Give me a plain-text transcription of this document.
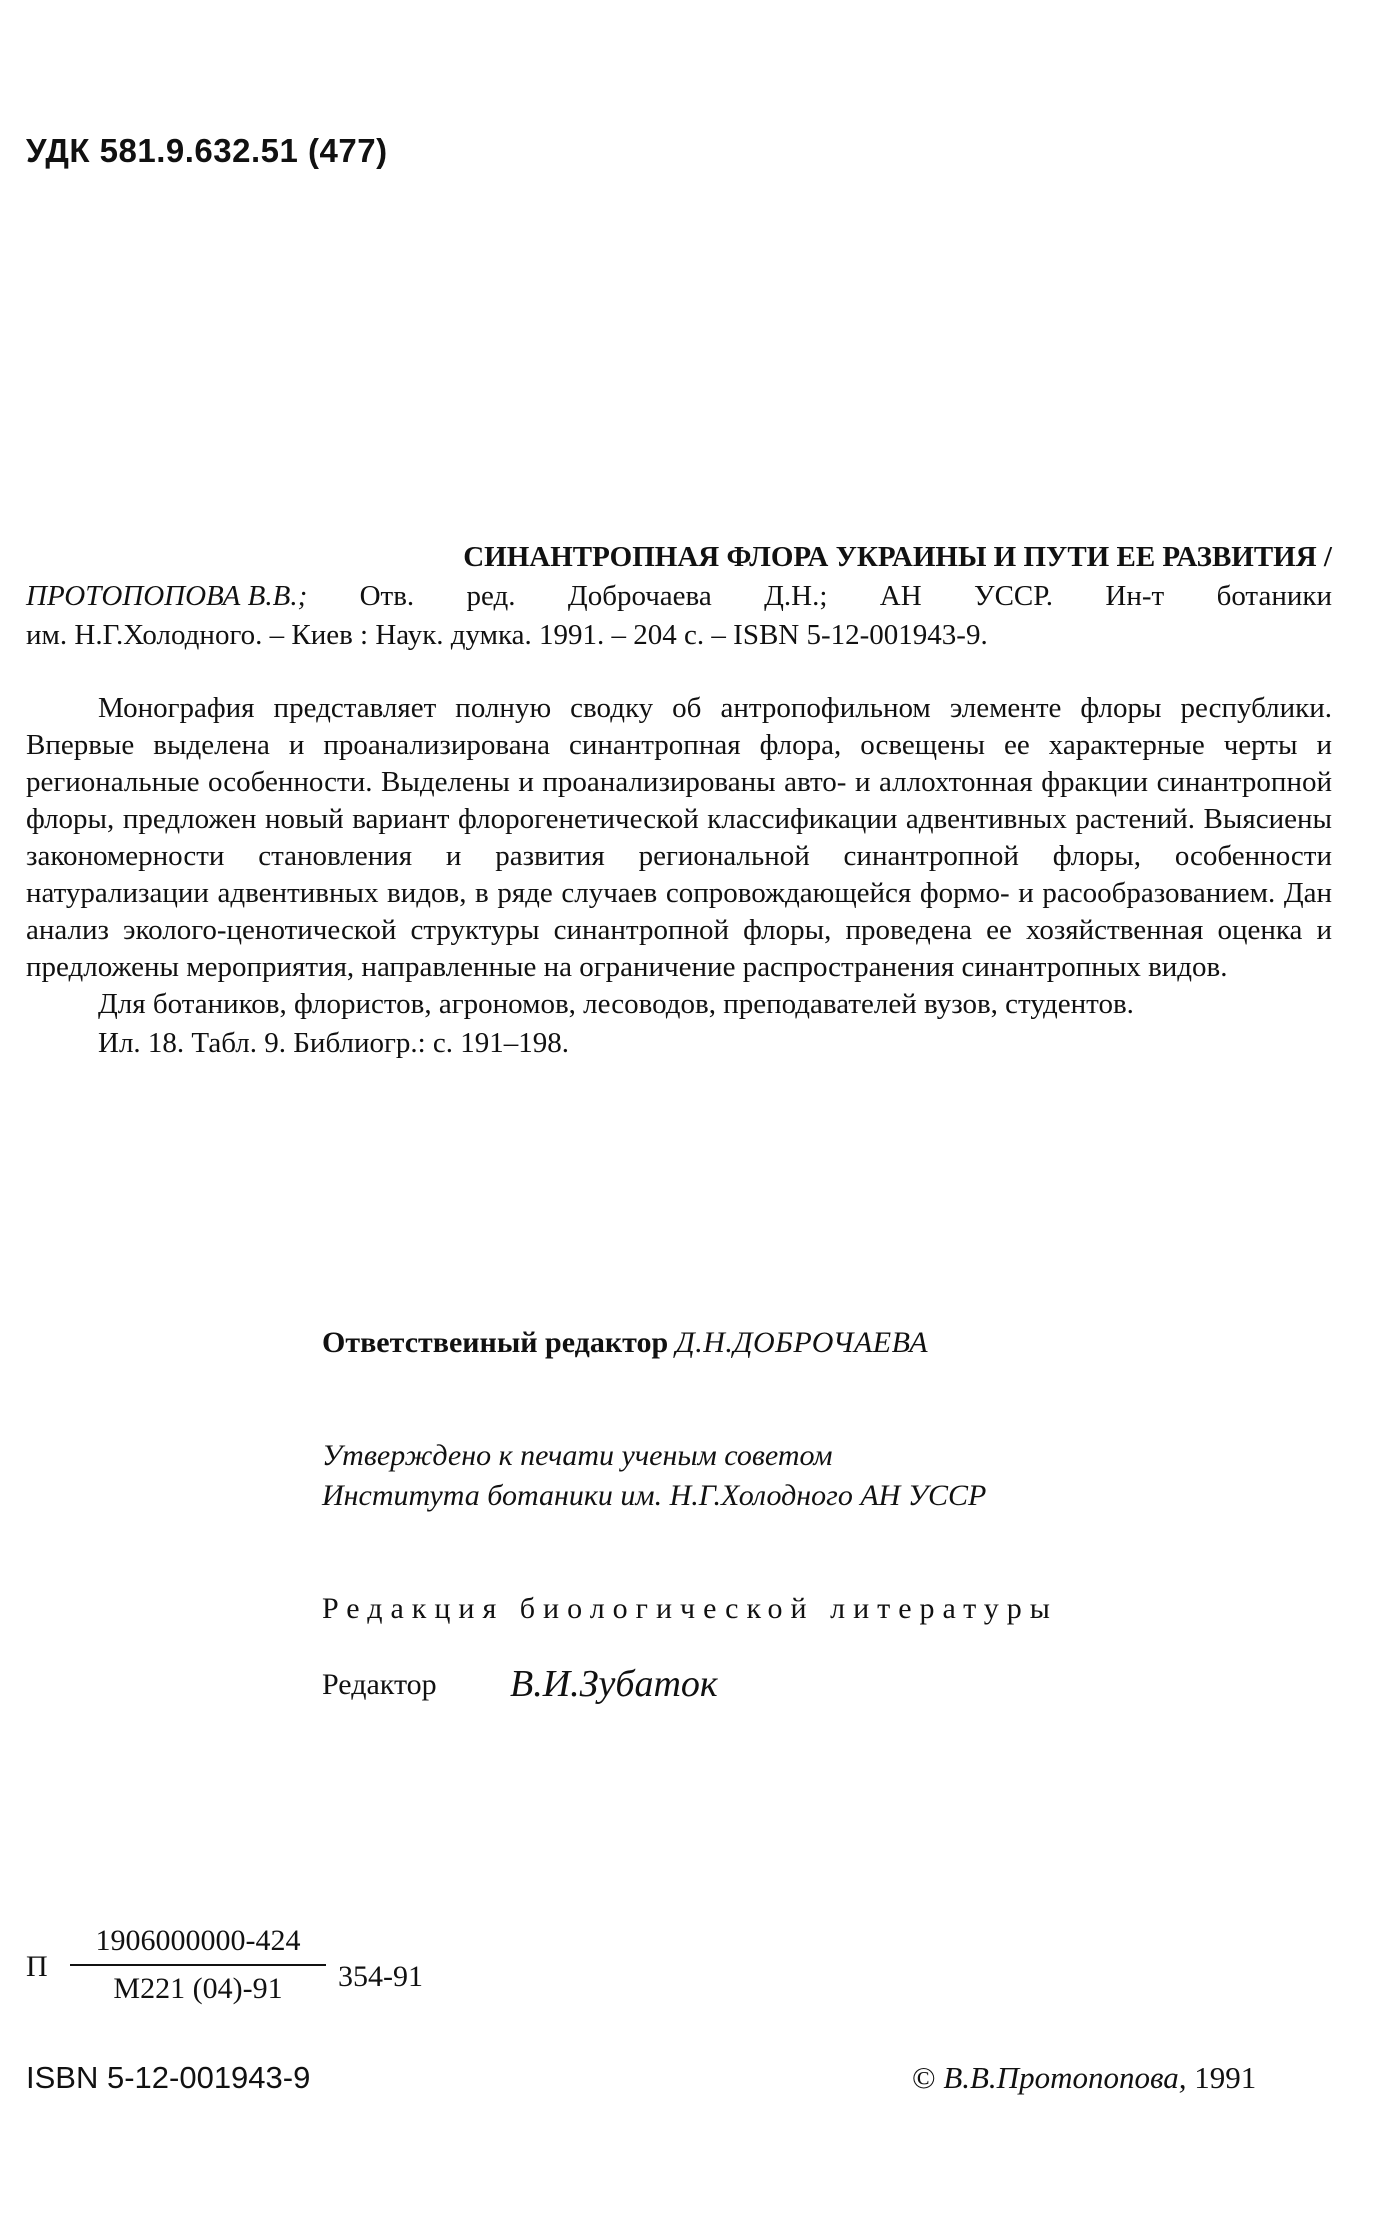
УДК 581.9.632.51 (477)
СИНАНТРОПНАЯ ФЛОРА УКРАИНЫ И ПУТИ ЕЕ РАЗВИТИЯ /
ПРОТОПОПОВА В.В.; Отв. ред. Доброчаева Д.Н.; АН УССР. Ин-т ботаники
им. Н.Г.Холодного. – Киев : Наук. думка. 1991. – 204 с. – ISBN 5-12-001943-9.

Монография представляет полную сводку об антропофильном элементе флоры республики. Впервые выделена и проанализирована синантропная флора, освещены ее характерные черты и региональные особенности. Выделены и проанализированы авто- и аллохтонная фракции синантропной флоры, предложен новый вариант флорогенетической классификации адвентивных растений. Выясиены закономерности становления и развития региональной синантропной флоры, особенности натурализации адвентивных видов, в ряде случаев сопровождающейся формо- и расообразованием. Дан анализ эколого-ценотической структуры синантропной флоры, проведена ее хозяйственная оценка и предложены мероприятия, направленные на ограничение распространения синантропных видов.

Для ботаников, флористов, агрономов, лесоводов, преподавателей вузов, студентов.

Ил. 18. Табл. 9. Библиогр.: с. 191–198.
Ответствеиный редактор Д.Н.ДОБРОЧАЕВА
Утверждено к печати ученым советом
Института ботаники им. Н.Г.Холодного АН УССР
Редакция биологической литературы
Редактор В.И.Зубаток
П
1906000000-424
М221 (04)-91	354-91
ISBN 5-12-001943-9	© В.В.Протопопова, 1991
